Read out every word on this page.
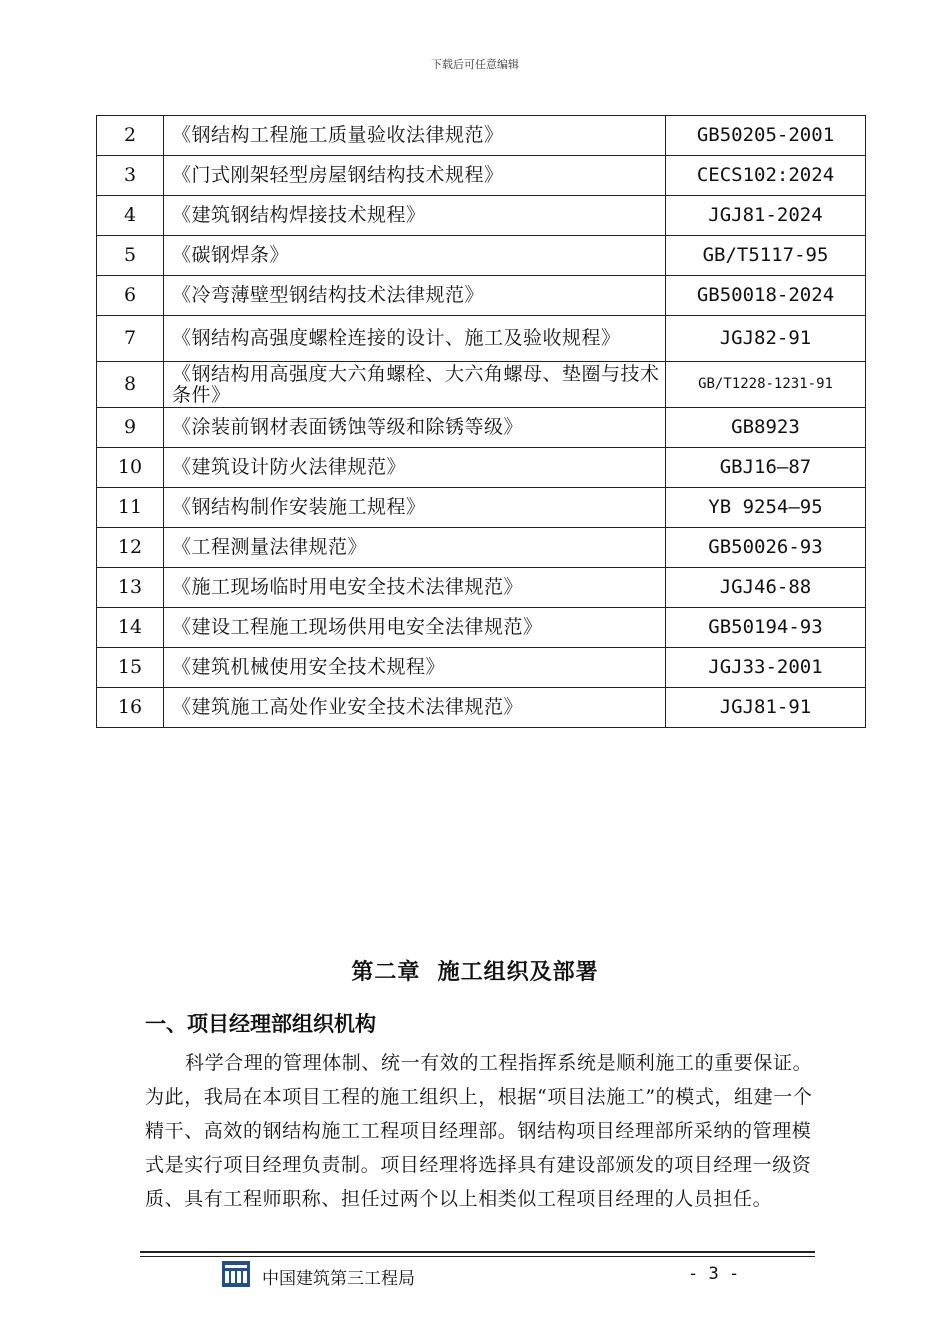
下载后可任意编辑
2	《钢结构工程施工质量验收法律规范》	GB50205-2001
3	《门式刚架轻型房屋钢结构技术规程》	CECS102:2024
4	《建筑钢结构焊接技术规程》	JGJ81-2024
5	《碳钢焊条》	GB/T5117-95
6	《冷弯薄壁型钢结构技术法律规范》	GB50018-2024
7	《钢结构高强度螺栓连接的设计、施工及验收规程》	JGJ82-91
8	《钢结构用高强度大六角螺栓、大六角螺母、垫圈与技术条件》	GB/T1228-1231-91
9	《涂装前钢材表面锈蚀等级和除锈等级》	GB8923
10	《建筑设计防火法律规范》	GBJ16—87
11	《钢结构制作安装施工规程》	YB 9254—95
12	《工程测量法律规范》	GB50026-93
13	《施工现场临时用电安全技术法律规范》	JGJ46-88
14	《建设工程施工现场供用电安全法律规范》	GB50194-93
15	《建筑机械使用安全技术规程》	JGJ33-2001
16	《建筑施工高处作业安全技术法律规范》	JGJ81-91
第二章  施工组织及部署
一、项目经理部组织机构

科学合理的管理体制、统一有效的工程指挥系统是顺利施工的重要保证。为此，我局在本项目工程的施工组织上，根据“项目法施工”的模式，组建一个精干、高效的钢结构施工工程项目经理部。钢结构项目经理部所采纳的管理模式是实行项目经理负责制。项目经理将选择具有建设部颁发的项目经理一级资质、具有工程师职称、担任过两个以上相类似工程项目经理的人员担任。

中国建筑第三工程局	- 3 -
